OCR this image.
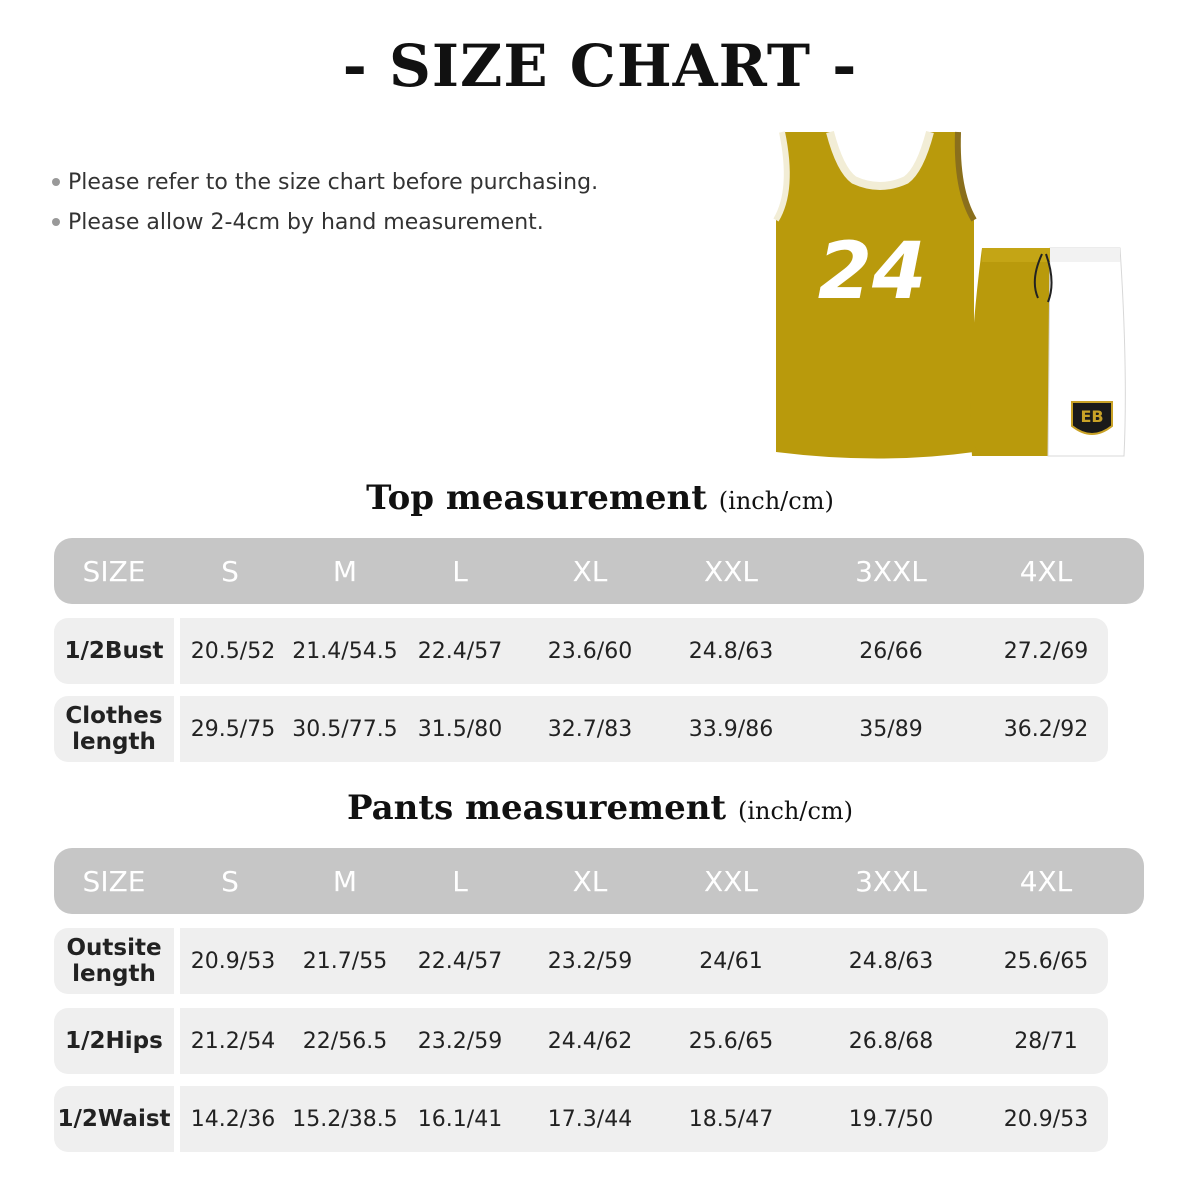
- SIZE CHART -
Please refer to the size chart before purchasing.
Please allow 2-4cm by hand measurement.
24
EB
Top measurement (inch/cm)
SIZE	S	M	L	XL	XXL	3XXL	4XL
1/2Bust	20.5/52 21.4/54.5 22.4/57	23.6/60	24.8/63	26/66	27.2/69
Clothes
length	29.5/75 30.5/77.5 31.5/80	32.7/83	33.9/86	35/89	36.2/92
Pants measurement (inch/cm)
SIZE	S	M	L	XL	XXL	3XXL	4XL
Outsite
length	20.9/53	21.7/55	22.4/57	23.2/59	24/61	24.8/63	25.6/65
1/2Hips	21.2/54	22/56.5	23.2/59	24.4/62	25.6/65	26.8/68	28/71
1/2Waist 14.2/36 15.2/38.5 16.1/41	17.3/44	18.5/47	19.7/50	20.9/53
